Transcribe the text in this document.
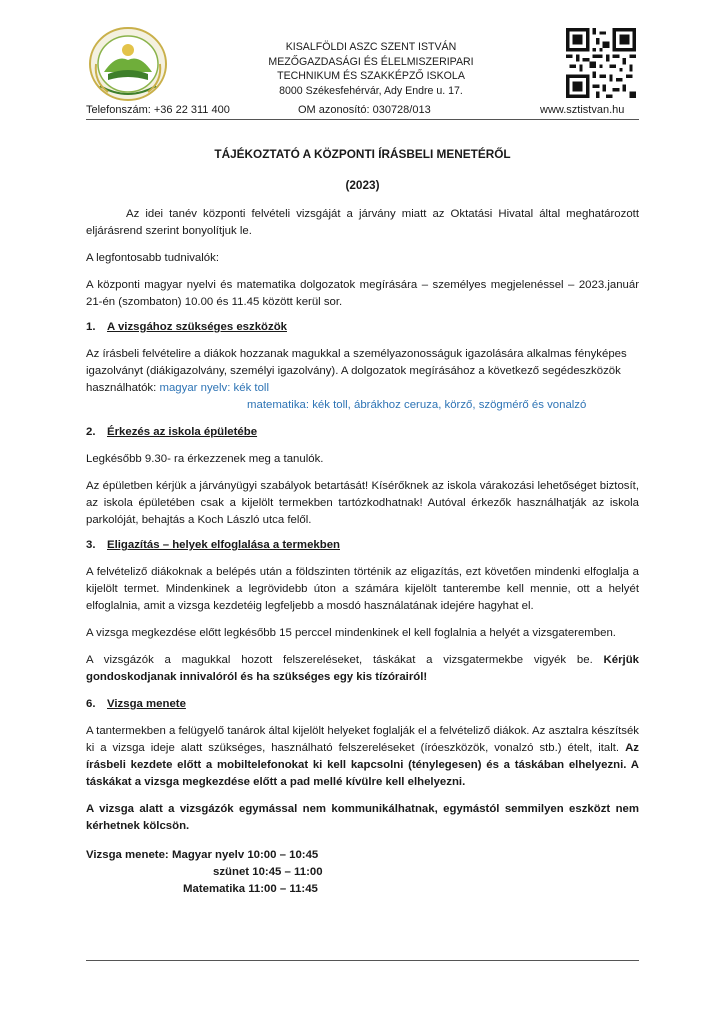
KISALFÖLDI ASZC SZENT ISTVÁN
MEZŐGAZDASÁGI ÉS ÉLELMISZERIPARI
TECHNIKUM ÉS SZAKKÉPZŐ ISKOLA
8000 Székesfehérvár, Ady Endre u. 17.
Telefonszám: +36 22 311 400	OM azonosító: 030728/013	www.sztistvan.hu

TÁJÉKOZTATÓ A KÖZPONTI ÍRÁSBELI MENETÉRŐL

(2023)

Az idei tanév központi felvételi vizsgáját a járvány miatt az Oktatási Hivatal által meghatározott eljárásrend szerint bonyolítjuk le.

A legfontosabb tudnivalók:

A központi magyar nyelvi és matematika dolgozatok megírására – személyes megjelenéssel – 2023.január 21-én (szombaton) 10.00 és 11.45 között kerül sor.

1. A vizsgához szükséges eszközök

Az írásbeli felvételire a diákok hozzanak magukkal a személyazonosságuk igazolására alkalmas fényképes igazolványt (diákigazolvány, személyi igazolvány). A dolgozatok megírásához a következő segédeszközök használhatók: magyar nyelv: kék toll

matematika: kék toll, ábrákhoz ceruza, körző, szögmérő és vonalzó

2. Érkezés az iskola épületébe

Legkésőbb 9.30- ra érkezzenek meg a tanulók.

Az épületben kérjük a járványügyi szabályok betartását! Kísérőknek az iskola várakozási lehetőséget biztosít, az iskola épületében csak a kijelölt termekben tartózkodhatnak! Autóval érkezők használhatják az iskola parkolóját, behajtás a Koch László utca felől.

3. Eligazítás – helyek elfoglalása a termekben

A felvételiző diákoknak a belépés után a földszinten történik az eligazítás, ezt követően mindenki elfoglalja a kijelölt termet. Mindenkinek a legrövidebb úton a számára kijelölt tanterembe kell mennie, ott a helyét elfoglalnia, amit a vizsga kezdetéig legfeljebb a mosdó használatának idejére hagyhat el.

A vizsga megkezdése előtt legkésőbb 15 perccel mindenkinek el kell foglalnia a helyét a vizsgateremben.

A vizsgázók a magukkal hozott felszereléseket, táskákat a vizsgatermekbe vigyék be. Kérjük gondoskodjanak innivalóról és ha szükséges egy kis tízórairól!

6. Vizsga menete

A tantermekben a felügyelő tanárok által kijelölt helyeket foglalják el a felvételiző diákok. Az asztalra készítsék ki a vizsga ideje alatt szükséges, használható felszereléseket (íróeszközök, vonalzó stb.) ételt, italt. Az írásbeli kezdete előtt a mobiltelefonokat ki kell kapcsolni (ténylegesen) és a táskában elhelyezni. A táskákat a vizsga megkezdése előtt a pad mellé kívülre kell elhelyezni.

A vizsga alatt a vizsgázók egymással nem kommunikálhatnak, egymástól semmilyen eszközt nem kérhetnek kölcsön.

Vizsga menete: Magyar nyelv 10:00 – 10:45
szünet 10:45 – 11:00
Matematika 11:00 – 11:45
